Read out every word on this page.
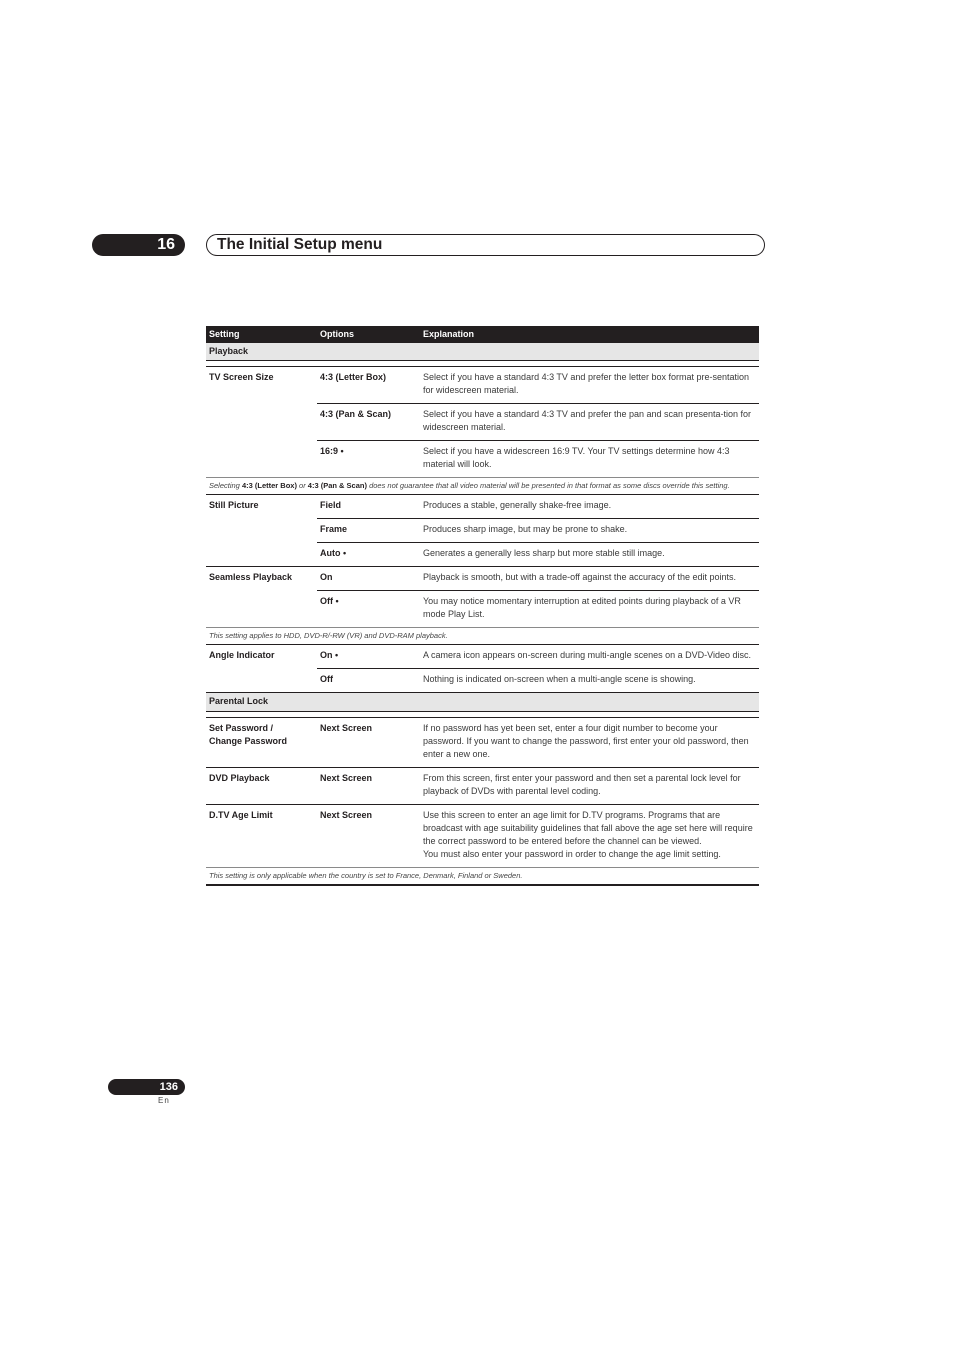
16	The Initial Setup menu
Setting	Options	Explanation
Playback		

TV Screen Size	4:3 (Letter Box)	Select if you have a standard 4:3 TV and prefer the letter box format pre-sentation for widescreen material.
	4:3 (Pan & Scan)	Select if you have a standard 4:3 TV and prefer the pan and scan presenta-tion for widescreen material.
	16:9 •	Select if you have a widescreen 16:9 TV. Your TV settings determine how 4:3 material will look.
Selecting 4:3 (Letter Box) or 4:3 (Pan & Scan) does not guarantee that all video material will be presented in that format as some discs override this setting.		
Still Picture	Field	Produces a stable, generally shake-free image.
	Frame	Produces sharp image, but may be prone to shake.
	Auto •	Generates a generally less sharp but more stable still image.
Seamless Playback	On	Playback is smooth, but with a trade-off against the accuracy of the edit points.
	Off •	You may notice momentary interruption at edited points during playback of a VR mode Play List.
This setting applies to HDD, DVD-R/-RW (VR) and DVD-RAM playback.		
Angle Indicator	On •	A camera icon appears on-screen during multi-angle scenes on a DVD-Video disc.
	Off	Nothing is indicated on-screen when a multi-angle scene is showing.
Parental Lock		

Set Password /
Change Password	Next Screen	If no password has yet been set, enter a four digit number to become your password. If you want to change the password, first enter your old password, then enter a new one.
DVD Playback	Next Screen	From this screen, first enter your password and then set a parental lock level for playback of DVDs with parental level coding.
D.TV Age Limit	Next Screen	Use this screen to enter an age limit for D.TV programs. Programs that are broadcast with age suitability guidelines that fall above the age set here will require the correct password to be entered before the channel can be viewed.
You must also enter your password in order to change the age limit setting.
This setting is only applicable when the country is set to France, Denmark, Finland or Sweden.		
136
En
